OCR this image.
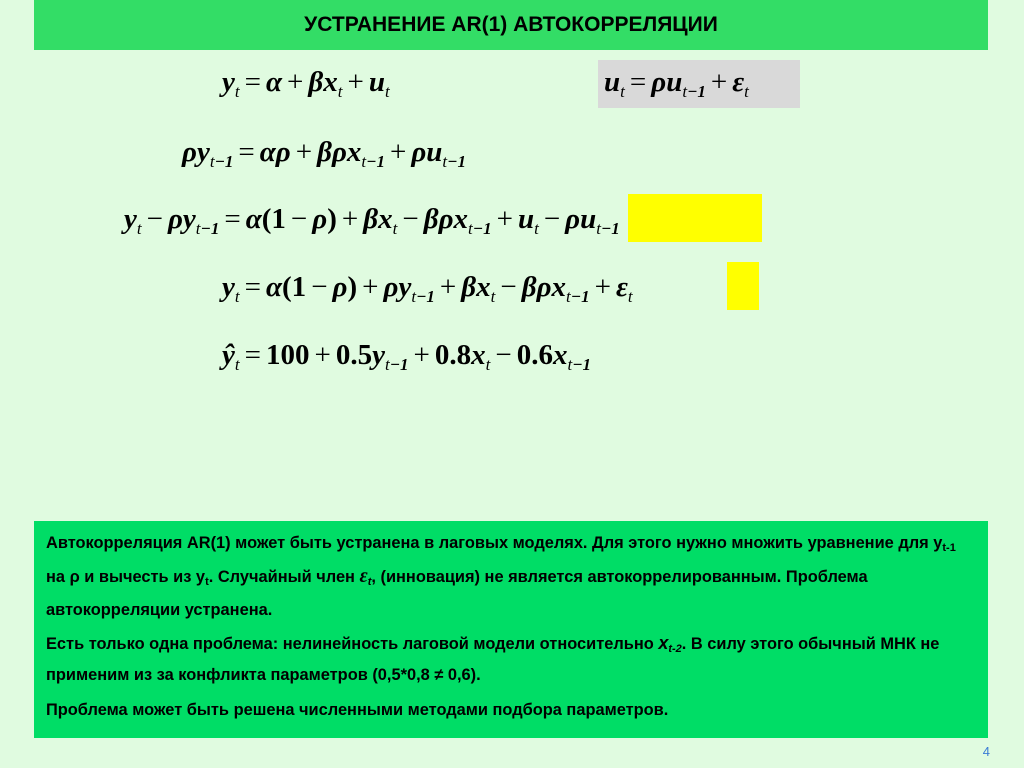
УСТРАНЕНИЕ AR(1) АВТОКОРРЕЛЯЦИИ
$y_t = \alpha + \beta x_t + u_t$	$u_t = \rho u_{t-1} + \varepsilon_t$
$\rho y_{t-1} = \alpha\rho + \beta\rho x_{t-1} + \rho u_{t-1}$
$y_t - \rho y_{t-1} = \alpha(1 - \rho) + \beta x_t - \beta\rho x_{t-1} + u_t - \rho u_{t-1}$
$y_t = \alpha(1 - \rho) + \rho y_{t-1} + \beta x_t - \beta\rho x_{t-1} + \varepsilon_t$
$ŷ_t = 100 + 0.5y_{t-1} + 0.8x_t - 0.6x_{t-1}$

Автокорреляция AR(1) может быть устранена в лаговых моделях. Для этого нужно множить уравнение для $y_{t-1}$ на ρ и вычесть из $y_t$. Случайный член $\varepsilon_t$, (инновация) не является автокоррелированным. Проблема автокорреляции устранена.

Есть только одна проблема: нелинейность лаговой модели относительно $x_{t-2}$. В силу этого обычный МНК не применим из за конфликта параметров (0,5*0,8 ≠ 0,6).

Проблема может быть решена численными методами подбора параметров.

4
